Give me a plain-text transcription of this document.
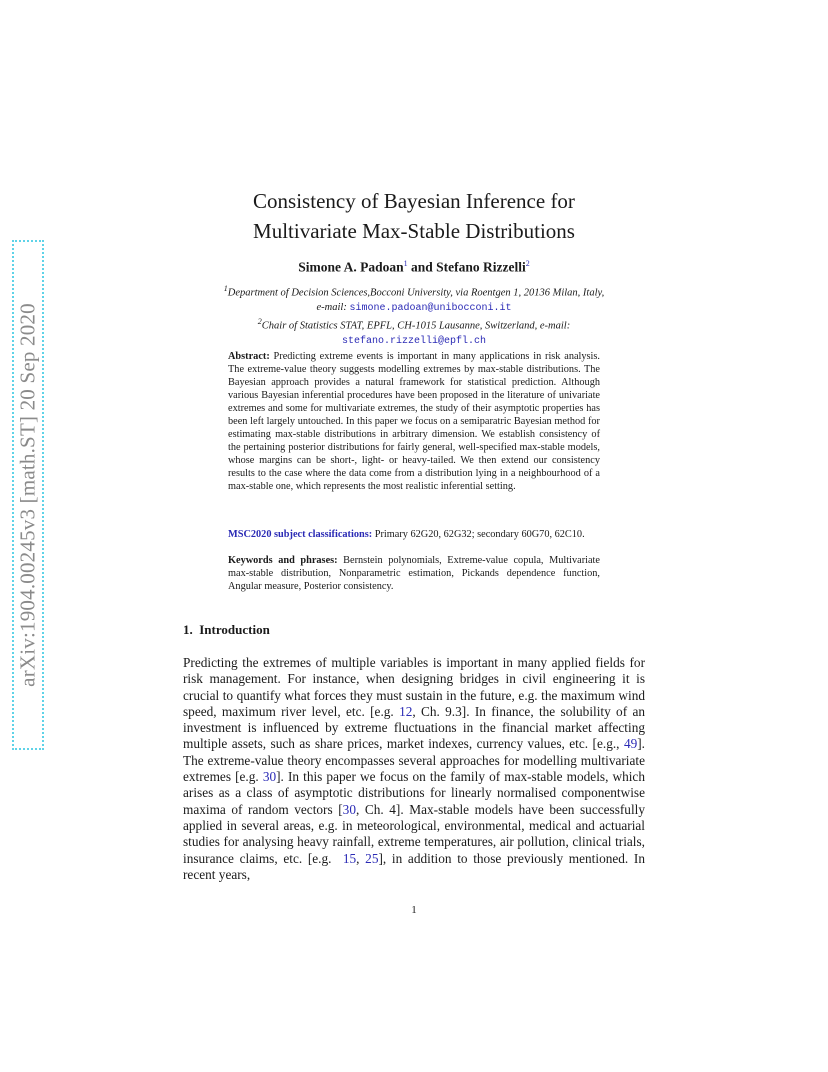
arXiv:1904.00245v3 [math.ST] 20 Sep 2020
Consistency of Bayesian Inference for
Multivariate Max-Stable Distributions
Simone A. Padoan$^1$ and Stefano Rizzelli$^2$
$^1$Department of Decision Sciences,Bocconi University, via Roentgen 1, 20136 Milan, Italy,
e-mail: simone.padoan@unibocconi.it
$^2$Chair of Statistics STAT, EPFL, CH-1015 Lausanne, Switzerland, e-mail:
stefano.rizzelli@epfl.ch
Abstract: Predicting extreme events is important in many applications in risk analysis. The extreme-value theory suggests modelling extremes by max-stable distributions. The Bayesian approach provides a natural framework for statistical prediction. Although various Bayesian inferential procedures have been proposed in the literature of univariate extremes and some for multivariate extremes, the study of their asymptotic properties has been left largely untouched. In this paper we focus on a semiparatric Bayesian method for estimating max-stable distributions in arbitrary dimension. We establish consistency of the pertaining posterior distributions for fairly general, well-specified max-stable models, whose margins can be short-, light- or heavy-tailed. We then extend our consistency results to the case where the data come from a distribution lying in a neighbourhood of a max-stable one, which represents the most realistic inferential setting.
MSC2020 subject classifications: Primary 62G20, 62G32; secondary 60G70, 62C10.
Keywords and phrases: Bernstein polynomials, Extreme-value copula, Multivariate max-stable distribution, Nonparametric estimation, Pickands dependence function, Angular measure, Posterior consistency.
1. Introduction
Predicting the extremes of multiple variables is important in many applied fields for risk management. For instance, when designing bridges in civil engineering it is crucial to quantify what forces they must sustain in the future, e.g. the maximum wind speed, maximum river level, etc. [e.g. 12, Ch. 9.3]. In finance, the solubility of an investment is influenced by extreme fluctuations in the financial market affecting multiple assets, such as share prices, market indexes, currency values, etc. [e.g., 49]. The extreme-value theory encompasses several approaches for modelling multivariate extremes [e.g. 30]. In this paper we focus on the family of max-stable models, which arises as a class of asymptotic distributions for linearly normalised componentwise maxima of random vectors [30, Ch. 4]. Max-stable models have been successfully applied in several areas, e.g. in meteorological, environmental, medical and actuarial studies for analysing heavy rainfall, extreme temperatures, air pollution, clinical trials, insurance claims, etc. [e.g. 15, 25], in addition to those previously mentioned. In recent years,
1
